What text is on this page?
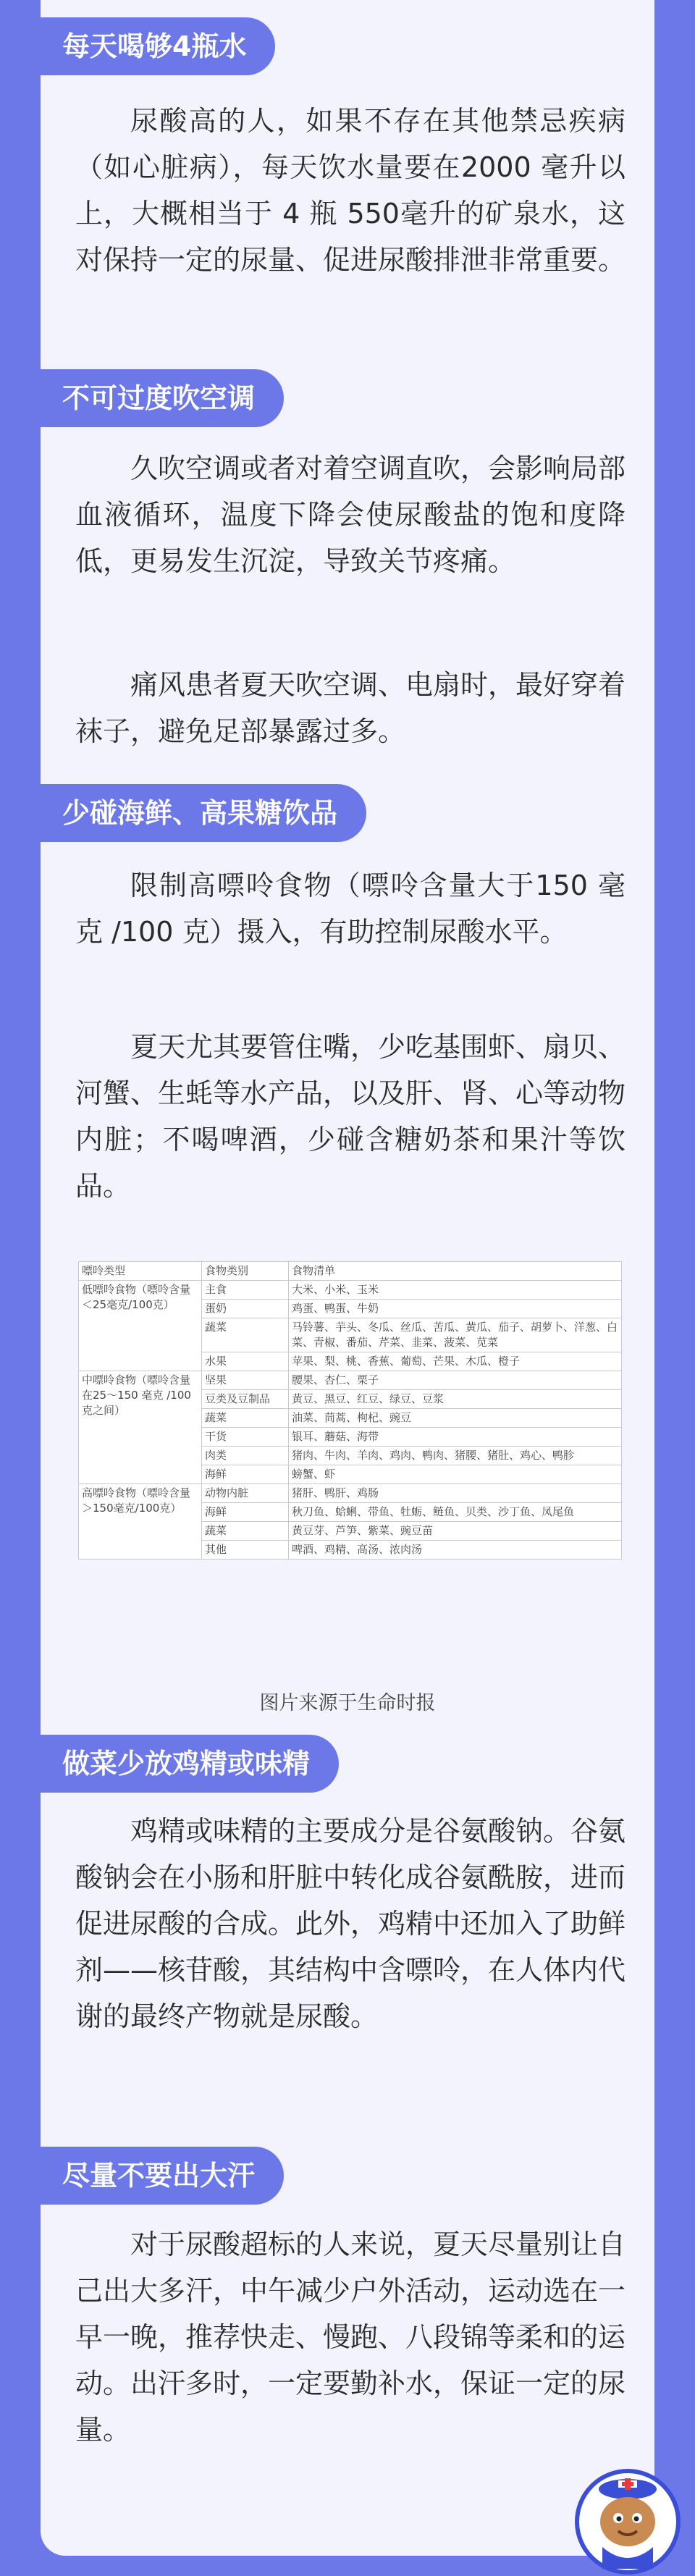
每天喝够4瓶水

尿酸高的人，如果不存在其他禁忌疾病（如心脏病），每天饮水量要在2000 毫升以上，大概相当于 4 瓶 550毫升的矿泉水，这对保持一定的尿量、促进尿酸排泄非常重要。

不可过度吹空调

久吹空调或者对着空调直吹，会影响局部血液循环，温度下降会使尿酸盐的饱和度降低，更易发生沉淀，导致关节疼痛。

痛风患者夏天吹空调、电扇时，最好穿着袜子，避免足部暴露过多。

少碰海鲜、高果糖饮品

限制高嘌呤食物（嘌呤含量大于150 毫克 /100 克）摄入，有助控制尿酸水平。

夏天尤其要管住嘴，少吃基围虾、扇贝、河蟹、生蚝等水产品，以及肝、肾、心等动物内脏；不喝啤酒，少碰含糖奶茶和果汁等饮品。

嘌呤类型	食物类别	食物清单
低嘌呤食物（嘌呤含量＜25毫克/100克）	主食	大米、小米、玉米
	蛋奶	鸡蛋、鸭蛋、牛奶
	蔬菜	马铃薯、芋头、冬瓜、丝瓜、苦瓜、黄瓜、茄子、胡萝卜、洋葱、白菜、青椒、番茄、芹菜、韭菜、菠菜、苋菜
	水果	苹果、梨、桃、香蕉、葡萄、芒果、木瓜、橙子
中嘌呤食物（嘌呤含量在25～150 毫克 /100 克之间）	坚果	腰果、杏仁、栗子
	豆类及豆制品	黄豆、黑豆、红豆、绿豆、豆浆
	蔬菜	油菜、茼蒿、枸杞、豌豆
	干货	银耳、蘑菇、海带
	肉类	猪肉、牛肉、羊肉、鸡肉、鸭肉、猪腰、猪肚、鸡心、鸭胗
	海鲜	螃蟹、虾
高嘌呤食物（嘌呤含量＞150毫克/100克）	动物内脏	猪肝、鸭肝、鸡肠
	海鲜	秋刀鱼、蛤蜊、带鱼、牡蛎、鲢鱼、贝类、沙丁鱼、凤尾鱼
	蔬菜	黄豆芽、芦笋、紫菜、豌豆苗
	其他	啤酒、鸡精、高汤、浓肉汤
图片来源于生命时报
做菜少放鸡精或味精

鸡精或味精的主要成分是谷氨酸钠。谷氨酸钠会在小肠和肝脏中转化成谷氨酰胺，进而促进尿酸的合成。此外，鸡精中还加入了助鲜剂——核苷酸，其结构中含嘌呤，在人体内代谢的最终产物就是尿酸。

尽量不要出大汗

对于尿酸超标的人来说，夏天尽量别让自己出大多汗，中午减少户外活动，运动选在一早一晚，推荐快走、慢跑、八段锦等柔和的运动。出汗多时，一定要勤补水，保证一定的尿量。
